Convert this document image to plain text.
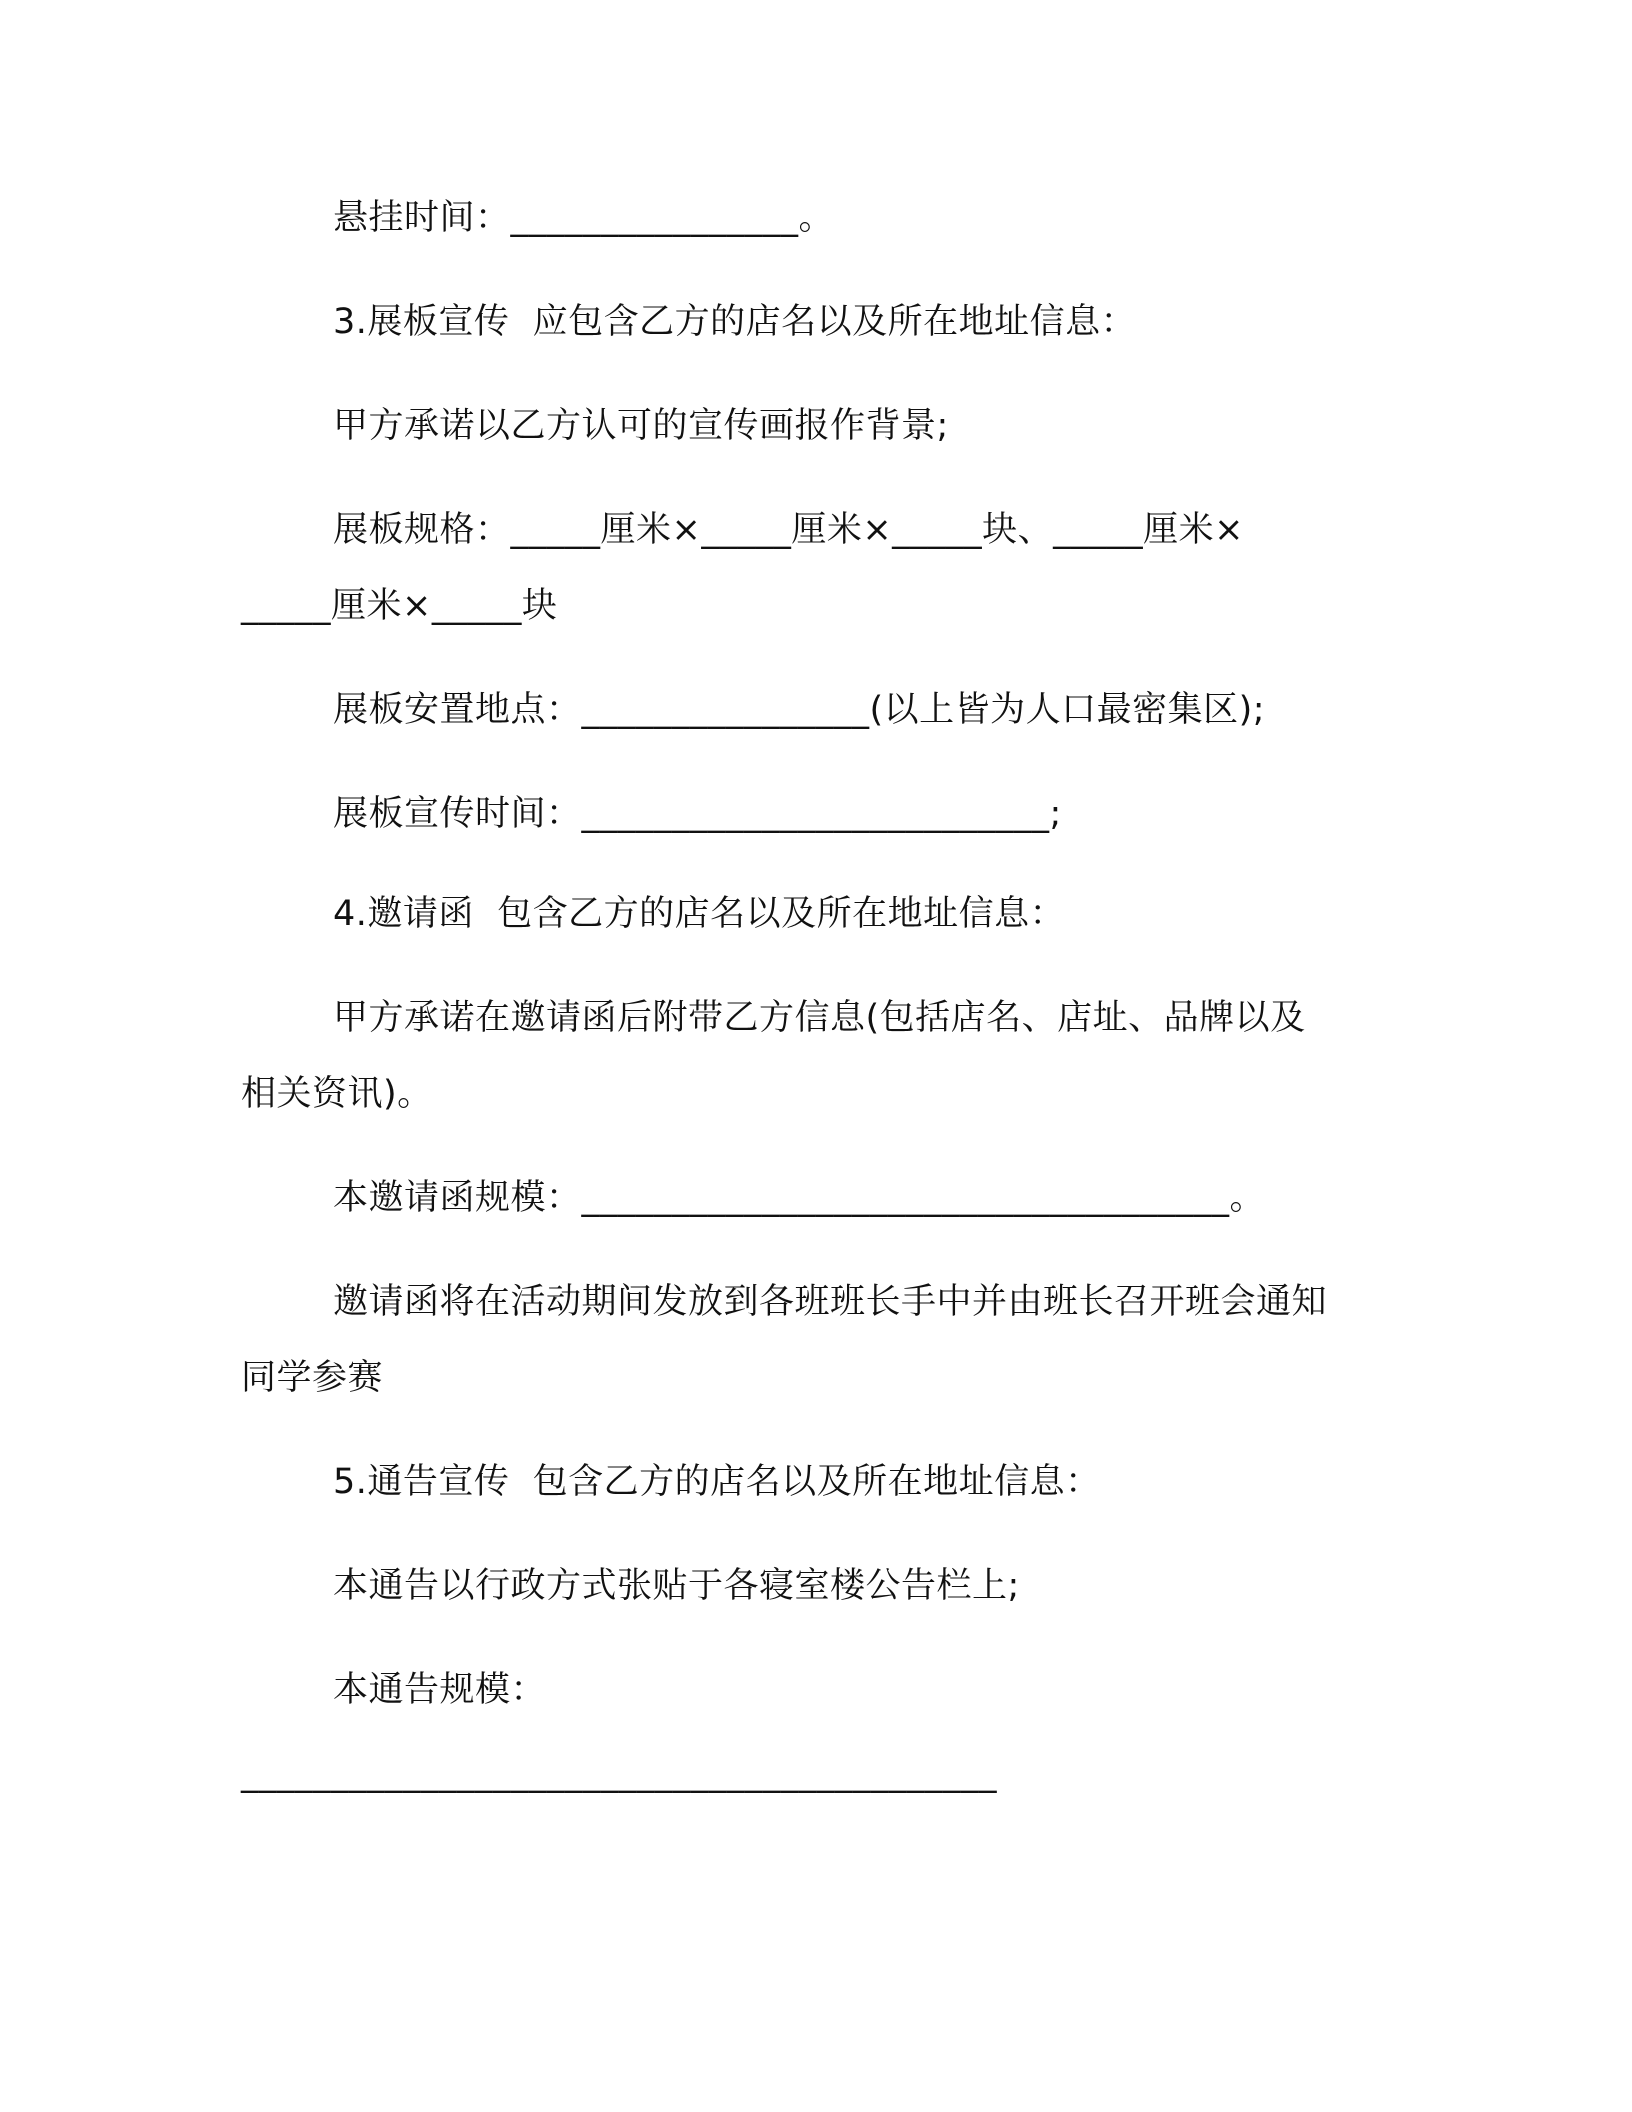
悬挂时间：________________。
3.展板宣传  应包含乙方的店名以及所在地址信息：
甲方承诺以乙方认可的宣传画报作背景;
展板规格：_____厘米×_____厘米×_____块、_____厘米×
_____厘米×_____块
展板安置地点：________________(以上皆为人口最密集区);
展板宣传时间：__________________________;
4.邀请函  包含乙方的店名以及所在地址信息：
甲方承诺在邀请函后附带乙方信息(包括店名、店址、品牌以及
相关资讯)。
本邀请函规模：____________________________________。
邀请函将在活动期间发放到各班班长手中并由班长召开班会通知
同学参赛
5.通告宣传  包含乙方的店名以及所在地址信息：
本通告以行政方式张贴于各寝室楼公告栏上;
本通告规模：
__________________________________________
